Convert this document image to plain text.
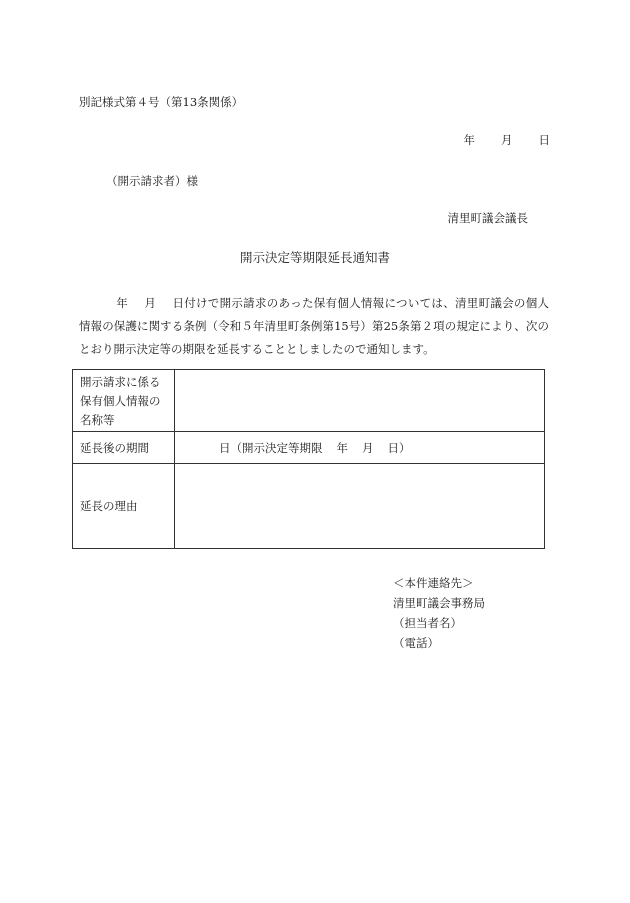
別記様式第４号（第13条関係）
年 月 日
（開示請求者）様
清里町議会議長
開示決定等期限延長通知書
年 月 日付けで開示請求のあった保有個人情報については、清里町議会の個人情報の保護に関する条例（令和５年清里町条例第15号）第25条第２項の規定により、次のとおり開示決定等の期限を延長することとしましたので通知します。
開示請求に係る
保有個人情報の
名称等	

延長後の期間	日（開示決定等期限 年 月 日）
延長の理由	
＜本件連絡先＞
清里町議会事務局
（担当者名）
（電話）
